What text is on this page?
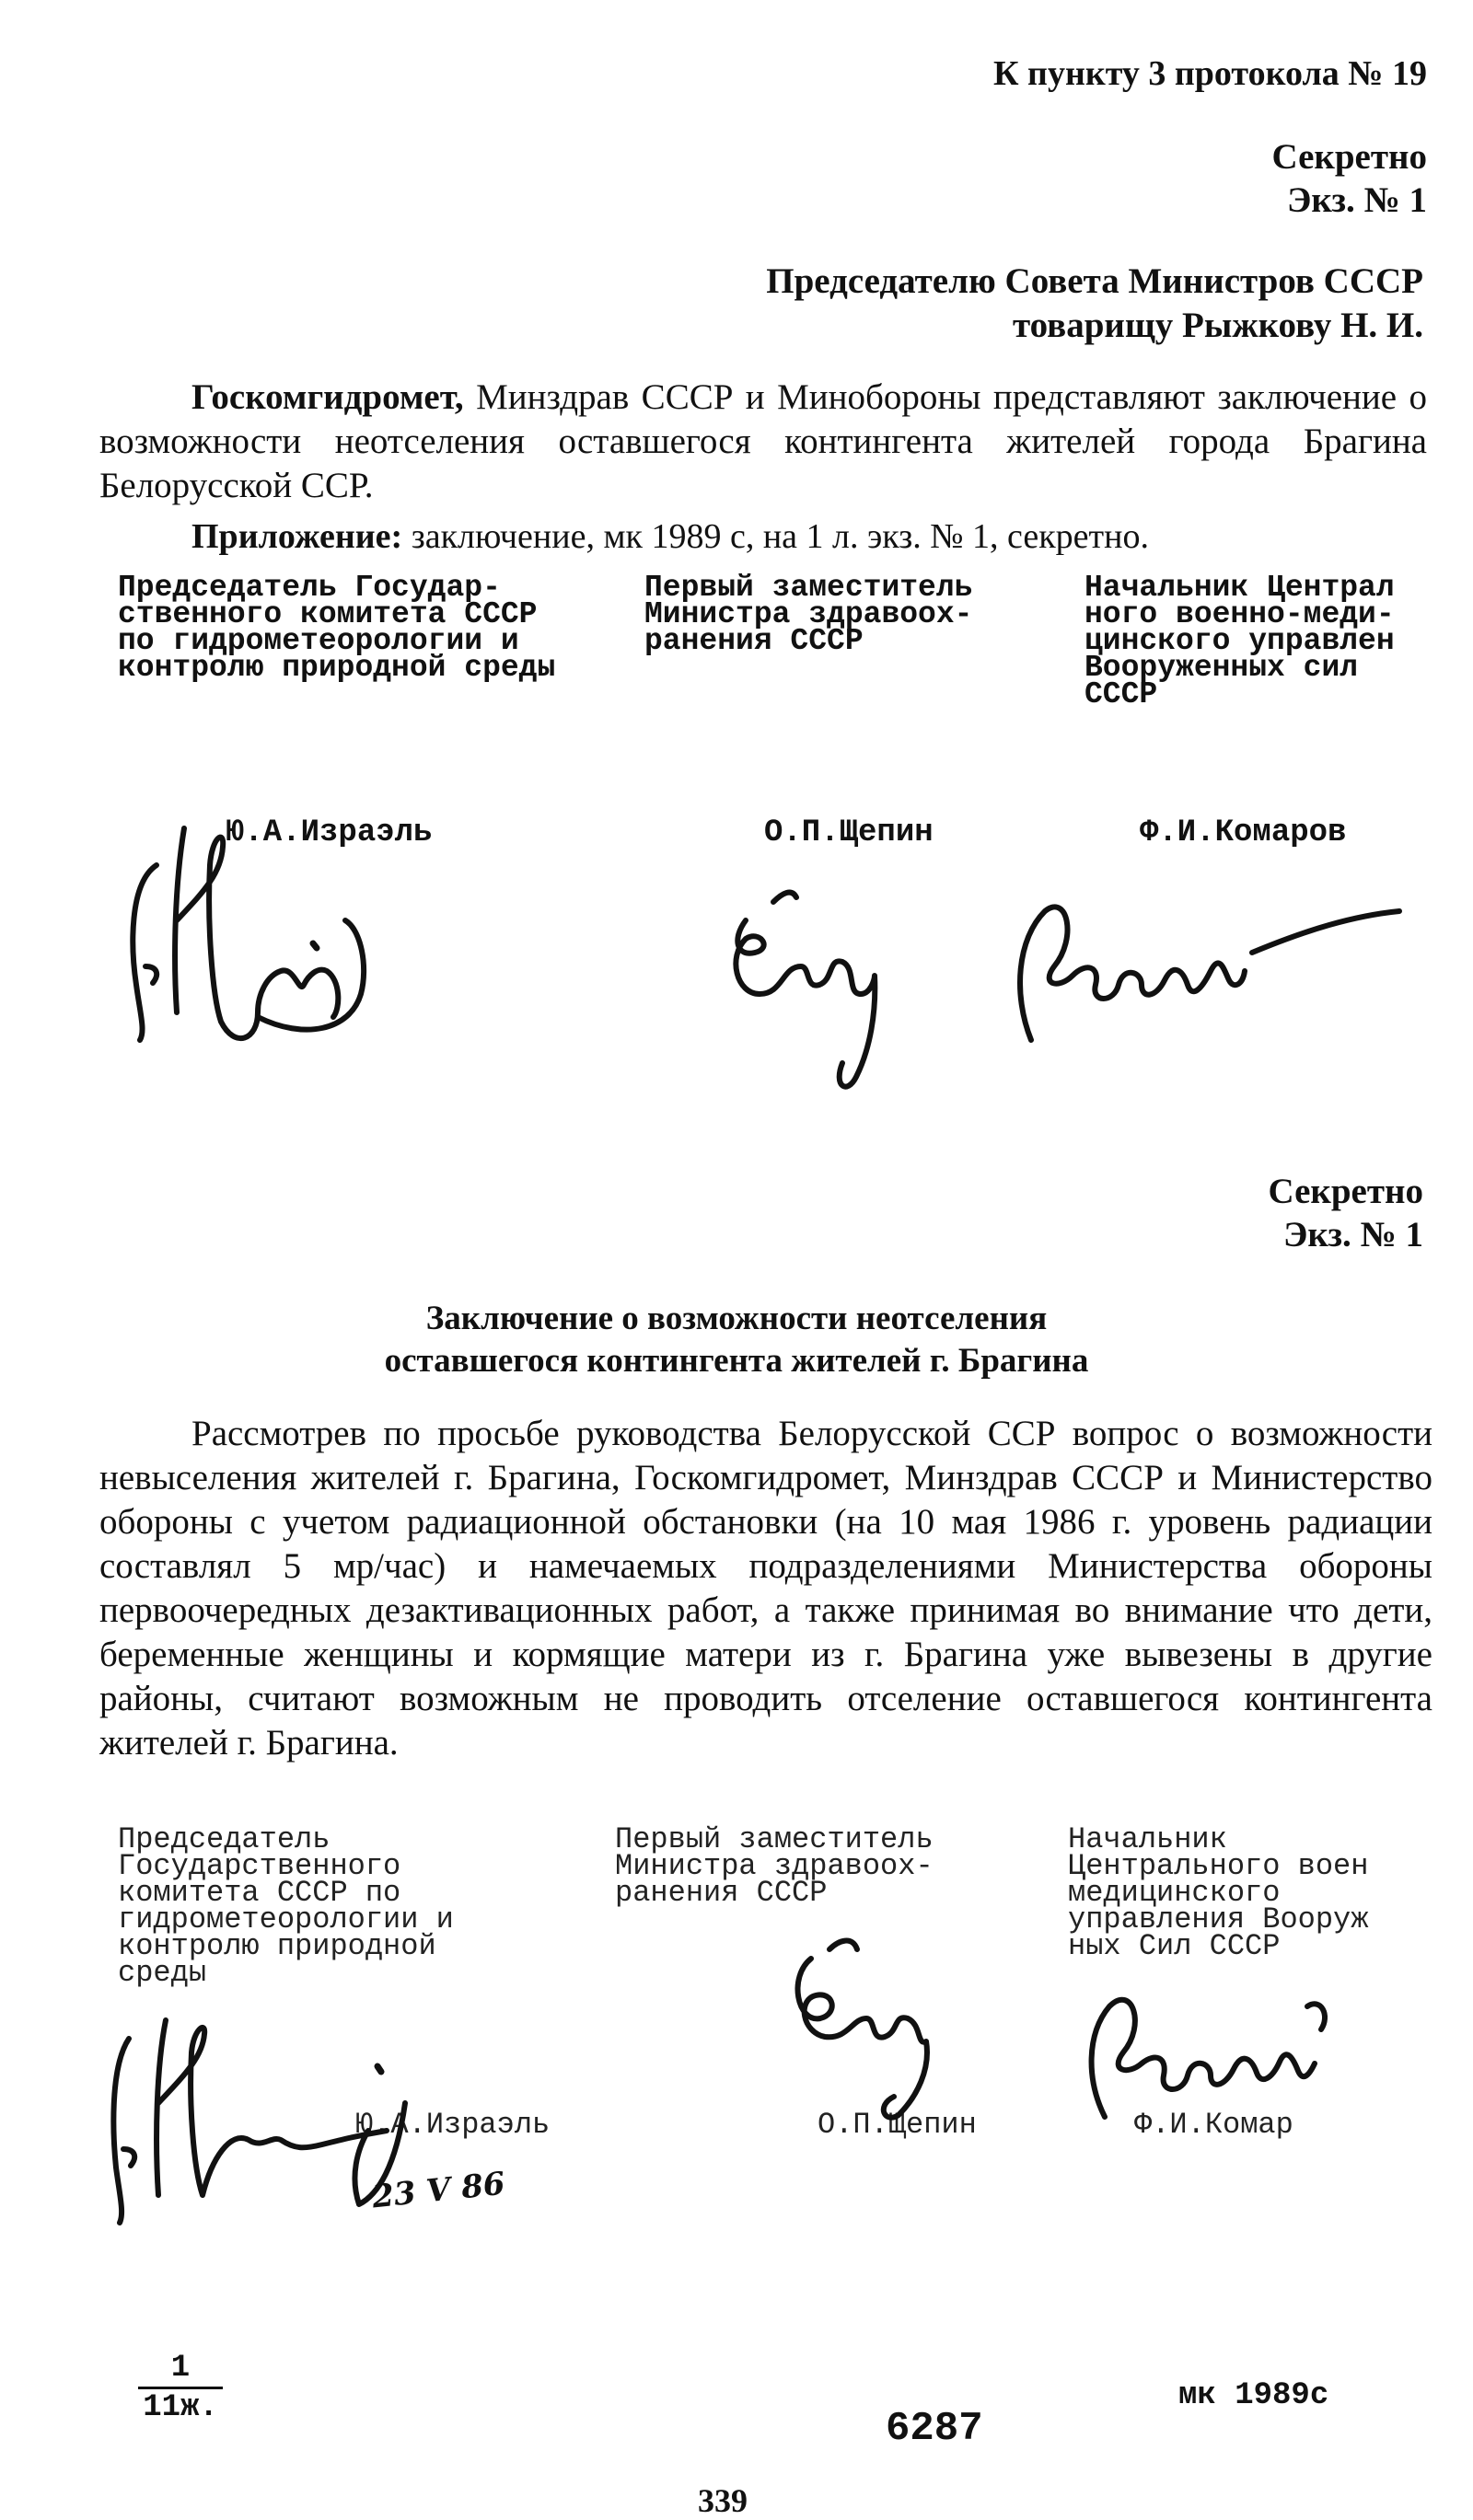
К пункту 3 протокола № 19
Секретно
Экз. № 1
Председателю Совета Министров СССР
товарищу Рыжкову Н. И.
Госкомгидромет, Минздрав СССР и Минобороны представляют заключение о возможности неотселения оставшегося контингента жителей города Брагина Белорусской ССР.
Приложение: заключение, мк 1989 с, на 1 л. экз. № 1, секретно.
Председатель Государ-
ственного комитета СССР
по гидрометеорологии и
контролю природной среды
Первый заместитель
Министра здравоох-
ранения СССР
Начальник Централ
ного военно-меди-
цинского управлен
Вооруженных сил
СССР
Ю.А.Израэль	О.П.Щепин	Ф.И.Комаров
Секретно
Экз. № 1
Заключение о возможности неотселения
оставшегося контингента жителей г. Брагина
Рассмотрев по просьбе руководства Белорусской ССР вопрос о возможности невыселения жителей г. Брагина, Госкомгидромет, Минздрав СССР и Министерство обороны с учетом радиационной обстановки (на 10 мая 1986 г. уровень радиации составлял 5 мр/час) и намечаемых подразделениями Министерства обороны первоочередных дезактивационных работ, а также принимая во внимание что дети, беременные женщины и кормящие матери из г. Брагина уже вывезены в другие районы, считают возможным не проводить отселение оставшегося контингента жителей г. Брагина.
Председатель
Государственного
комитета СССР по
гидрометеорологии и
контролю природной
среды
Первый заместитель
Министра здравоох-
ранения СССР
Начальник
Центрального воен
медицинского
управления Вооруж
ных Сил СССР
Ю.А.Израэль	О.П.Щепин	Ф.И.Комар
23 V 86
1
11ж.	мк 1989с
6287
339
